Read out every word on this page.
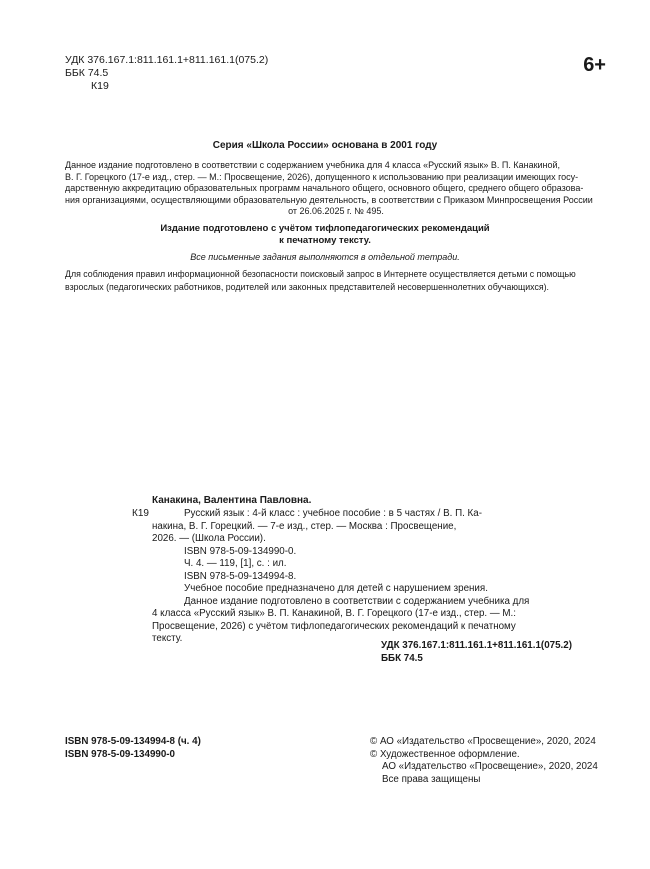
УДК 376.167.1:811.161.1+811.161.1(075.2)
ББК 74.5
К19
6+
Серия «Школа России» основана в 2001 году
Данное издание подготовлено в соответствии с содержанием учебника для 4 класса «Русский язык» В. П. Канакиной,
В. Г. Горецкого (17-е изд., стер. — М.: Просвещение, 2026), допущенного к использованию при реализации имеющих госу-
дарственную аккредитацию образовательных программ начального общего, основного общего, среднего общего образова-
ния организациями, осуществляющими образовательную деятельность, в соответствии с Приказом Минпросвещения России
от 26.06.2025 г. № 495.
Издание подготовлено с учётом тифлопедагогических рекомендаций
к печатному тексту.
Все письменные задания выполняются в отдельной тетради.
Для соблюдения правил информационной безопасности поисковый запрос в Интернете осуществляется детьми с помощью
взрослых (педагогических работников, родителей или законных представителей несовершеннолетних обучающихся).
Канакина, Валентина Павловна.
К19	Русский язык : 4-й класс : учебное пособие : в 5 частях / В. П. Ка-

накина, В. Г. Горецкий. — 7-е изд., стер. — Москва : Просвещение,

2026. — (Школа России).

ISBN 978-5-09-134990-0.

Ч. 4. — 119, [1], с. : ил.

ISBN 978-5-09-134994-8.

Учебное пособие предназначено для детей с нарушением зрения.

Данное издание подготовлено в соответствии с содержанием учебника для

4 класса «Русский язык» В. П. Канакиной, В. Г. Горецкого (17-е изд., стер. — М.:

Просвещение, 2026) с учётом тифлопедагогических рекомендаций к печатному

тексту.

УДК 376.167.1:811.161.1+811.161.1(075.2)
ББК 74.5
ISBN 978-5-09-134994-8 (ч. 4)
ISBN 978-5-09-134990-0
© АО «Издательство «Просвещение», 2020, 2024
© Художественное оформление.
АО «Издательство «Просвещение», 2020, 2024
Все права защищены
